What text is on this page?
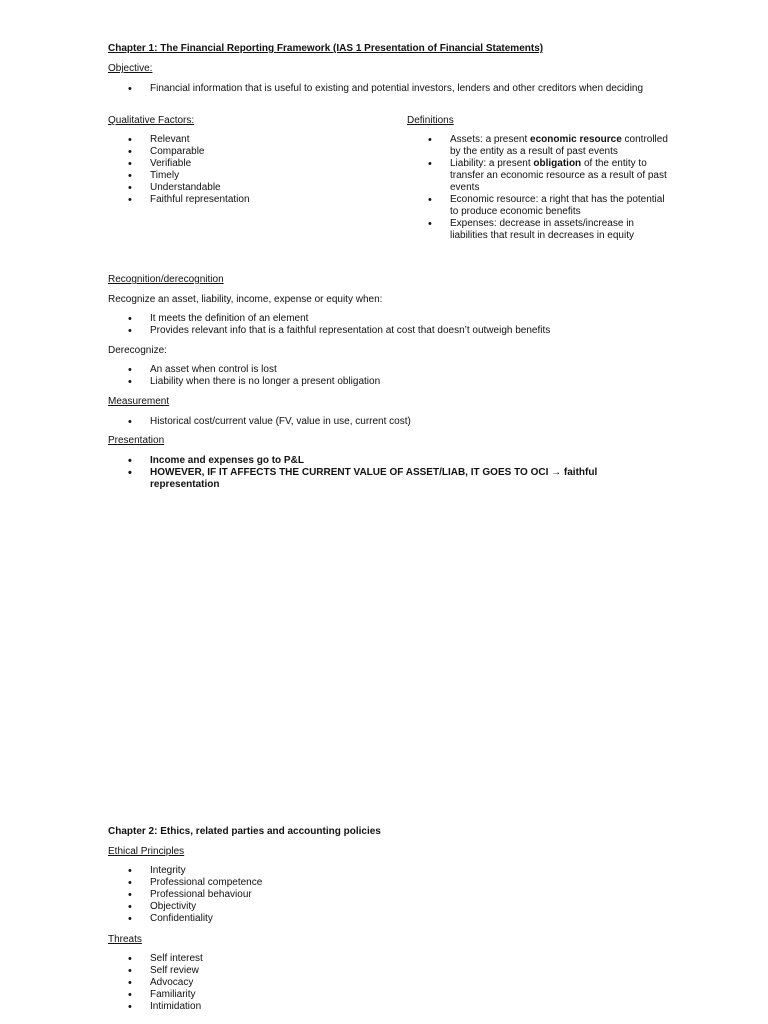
Chapter 1: The Financial Reporting Framework (IAS 1 Presentation of Financial Statements)
Objective:
• Financial information that is useful to existing and potential investors, lenders and other creditors when deciding
Qualitative Factors:
• Relevant
• Comparable
• Verifiable
• Timely
• Understandable
• Faithful representation
Definitions
• Assets: a present economic resource controlled by the entity as a result of past events
• Liability: a present obligation of the entity to transfer an economic resource as a result of past events
• Economic resource: a right that has the potential to produce economic benefits
• Expenses: decrease in assets/increase in liabilities that result in decreases in equity
Recognition/derecognition
Recognize an asset, liability, income, expense or equity when:
• It meets the definition of an element
• Provides relevant info that is a faithful representation at cost that doesn’t outweigh benefits
Derecognize:
• An asset when control is lost
• Liability when there is no longer a present obligation
Measurement
• Historical cost/current value (FV, value in use, current cost)
Presentation
• Income and expenses go to P&L
• HOWEVER, IF IT AFFECTS THE CURRENT VALUE OF ASSET/LIAB, IT GOES TO OCI → faithful representation
Chapter 2: Ethics, related parties and accounting policies
Ethical Principles
• Integrity
• Professional competence
• Professional behaviour
• Objectivity
• Confidentiality
Threats
• Self interest
• Self review
• Advocacy
• Familiarity
• Intimidation
